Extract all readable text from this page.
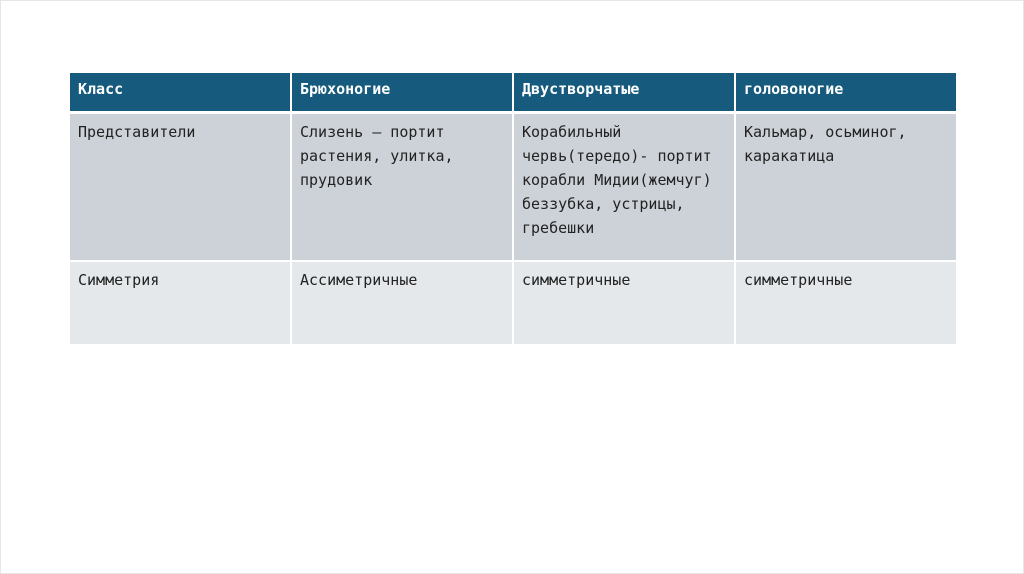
Класс	Брюхоногие	Двустворчатые	головоногие
Представители	Слизень – портит растения, улитка, прудовик	Корабильный червь(тередо)- портит корабли Мидии(жемчуг) беззубка, устрицы, гребешки	Кальмар, осьминог, каракатица
Симметрия	Ассиметричные	симметричные	симметричные
